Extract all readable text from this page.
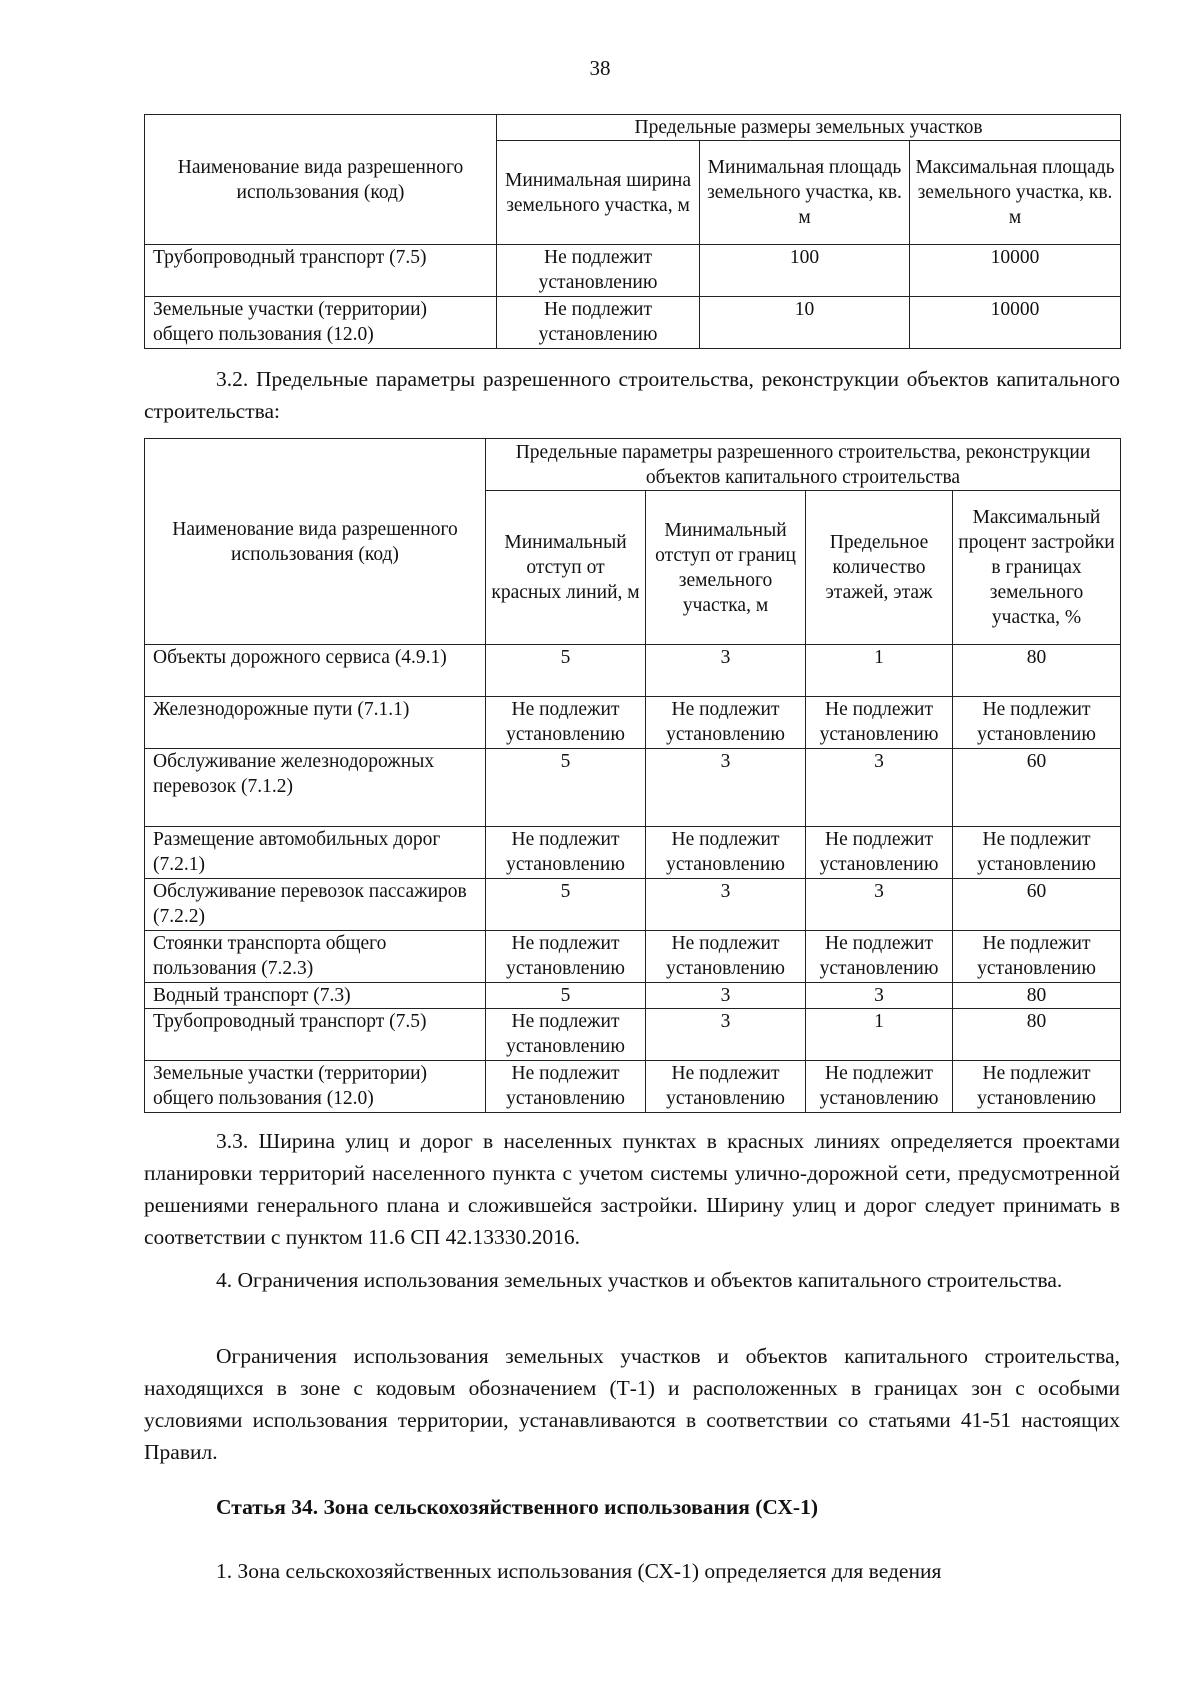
38
Наименование вида разрешенного использования (код)	Предельные размеры земельных участков		
	Минимальная ширина земельного участка, м	Минимальная площадь земельного участка, кв. м	Максимальная площадь земельного участка, кв. м
Трубопроводный транспорт (7.5)	Не подлежит установлению	100	10000
Земельные участки (территории) общего пользования (12.0)	Не подлежит установлению	10	10000

3.2. Предельные параметры разрешенного строительства, реконструкции объектов капитального строительства:

Наименование вида разрешенного использования (код)	Предельные параметры разрешенного строительства, реконструкции объектов капитального строительства			
	Минимальный отступ от красных линий, м	Минимальный отступ от границ земельного участка, м	Предельное количество этажей, этаж	Максимальный процент застройки в границах земельного участка, %
Объекты дорожного сервиса (4.9.1)	5	3	1	80
Железнодорожные пути (7.1.1)	Не подлежит установлению	Не подлежит установлению	Не подлежит установлению	Не подлежит установлению
Обслуживание железнодорожных перевозок (7.1.2)	5	3	3	60
Размещение автомобильных дорог (7.2.1)	Не подлежит установлению	Не подлежит установлению	Не подлежит установлению	Не подлежит установлению
Обслуживание перевозок пассажиров (7.2.2)	5	3	3	60
Стоянки транспорта общего пользования (7.2.3)	Не подлежит установлению	Не подлежит установлению	Не подлежит установлению	Не подлежит установлению
Водный транспорт (7.3)	5	3	3	80
Трубопроводный транспорт (7.5)	Не подлежит установлению	3	1	80
Земельные участки (территории) общего пользования (12.0)	Не подлежит установлению	Не подлежит установлению	Не подлежит установлению	Не подлежит установлению

3.3. Ширина улиц и дорог в населенных пунктах в красных линиях определяется проектами планировки территорий населенного пункта с учетом системы улично-дорожной сети, предусмотренной решениями генерального плана и сложившейся застройки. Ширину улиц и дорог следует принимать в соответствии с пунктом 11.6 СП 42.13330.2016.

4. Ограничения использования земельных участков и объектов капитального строительства.

Ограничения использования земельных участков и объектов капитального строительства, находящихся в зоне с кодовым обозначением (Т-1) и расположенных в границах зон с особыми условиями использования территории, устанавливаются в соответствии со статьями 41-51 настоящих Правил.

Статья 34. Зона сельскохозяйственного использования (СХ-1)

1. Зона сельскохозяйственных использования (СХ-1) определяется для ведения
